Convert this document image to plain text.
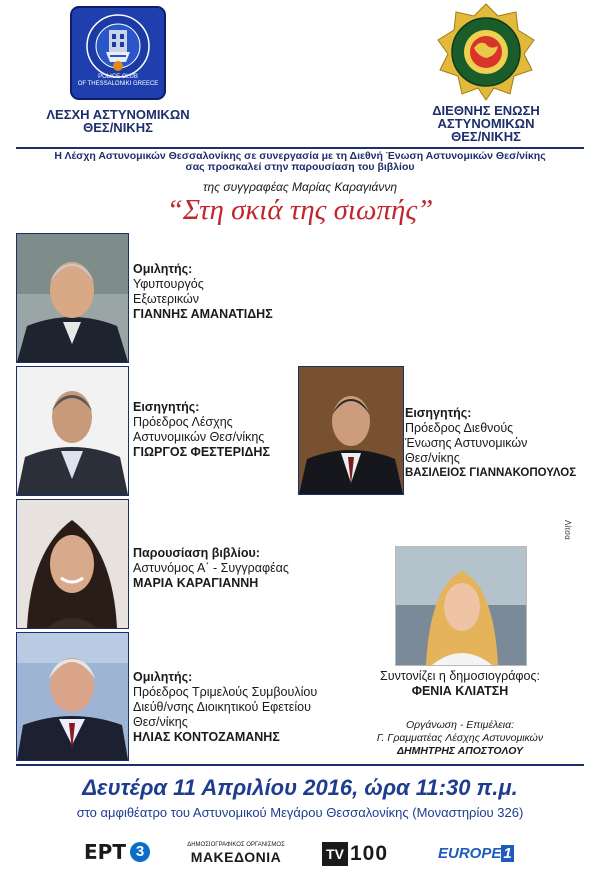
POLICE CLUB
OF THESSALONIKI GREECE
ΛΕΣΧΗ ΑΣΤΥΝΟΜΙΚΩΝ
ΘΕΣ/ΝΙΚΗΣ
ΔΙΕΘΝΗΣ ΕΝΩΣΗ
ΑΣΤΥΝΟΜΙΚΩΝ
ΘΕΣ/ΝΙΚΗΣ
Η Λέσχη Αστυνομικών Θεσσαλονίκης σε συνεργασία με τη Διεθνή Ένωση Αστυνομικών Θεσ/νίκης
σας προσκαλεί στην παρουσίαση του βιβλίου
της συγγραφέας Μαρίας Καραγιάννη
“Στη σκιά της σιωπής”
Ομιλητής:
Υφυπουργός
Εξωτερικών
ΓΙΑΝΝΗΣ ΑΜΑΝΑΤΙΔΗΣ
Εισηγητής:
Πρόεδρος Λέσχης
Αστυνομικών Θεσ/νίκης
ΓΙΩΡΓΟΣ ΦΕΣΤΕΡΙΔΗΣ
Εισηγητής:
Πρόεδρος Διεθνούς
Ένωσης Αστυνομικών
Θεσ/νίκης
ΒΑΣΙΛΕΙΟΣ ΓΙΑΝΝΑΚΟΠΟΥΛΟΣ
Παρουσίαση βιβλίου:
Αστυνόμος Α΄ - Συγγραφέας
ΜΑΡΙΑ ΚΑΡΑΓΙΑΝΝΗ
Ομιλητής:
Πρόεδρος Τριμελούς Συμβουλίου
Διεύθ/νσης Διοικητικού Εφετείου
Θεσ/νίκης
ΗΛΙΑΣ ΚΟΝΤΟΖΑΜΑΝΗΣ
Συντονίζει η δημοσιογράφος:
ΦΕΝΙΑ ΚΛΙΑΤΣΗ
Οργάνωση - Επιμέλεια:
Γ. Γραμματέας Λέσχης Αστυνομικών
ΔΗΜΗΤΡΗΣ ΑΠΟΣΤΟΛΟΥ
Λίτσα
Δευτέρα 11 Απριλίου 2016, ώρα 11:30 π.μ.
στο αμφιθέατρο του Αστυνομικού Μεγάρου Θεσσαλονίκης (Μοναστηρίου 326)
ΕΡΤ 3	ΔΗΜΟΣΙΟΓΡΑΦΙΚΟΣ ΟΡΓΑΝΙΣΜΟΣ
ΜΑΚΕΔΟΝΙΑ	TV 100	EUROPE 1
